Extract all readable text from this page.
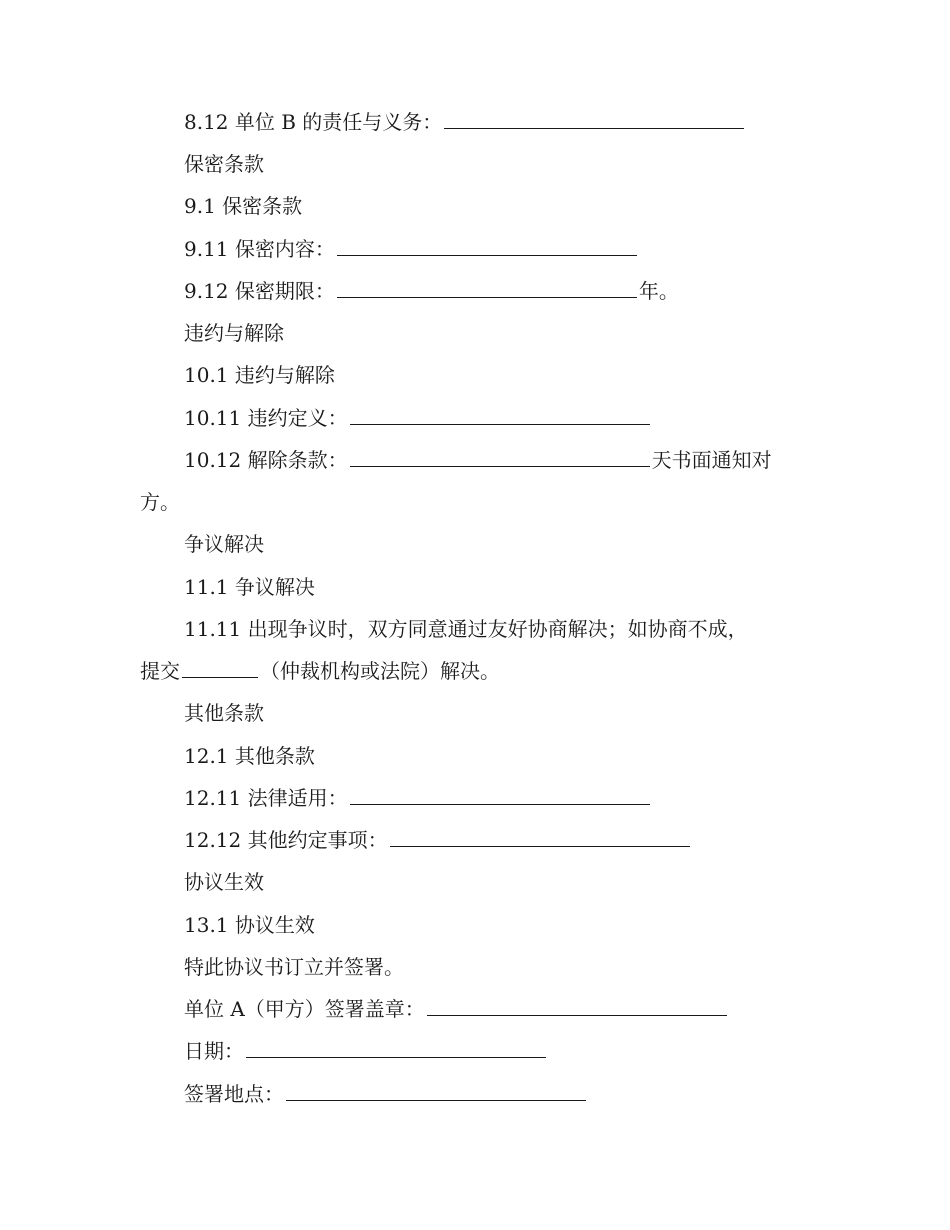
8.12 单位 B 的责任与义务：
保密条款
9.1 保密条款
9.11 保密内容：
9.12 保密期限：	年。
违约与解除
10.1 违约与解除
10.11 违约定义：
10.12 解除条款：	天书面通知对
方。
争议解决
11.1 争议解决
11.11 出现争议时，双方同意通过友好协商解决；如协商不成，
提交	（仲裁机构或法院）解决。
其他条款
12.1 其他条款
12.11 法律适用：
12.12 其他约定事项：
协议生效
13.1 协议生效
特此协议书订立并签署。
单位 A（甲方）签署盖章：
日期：
签署地点：
